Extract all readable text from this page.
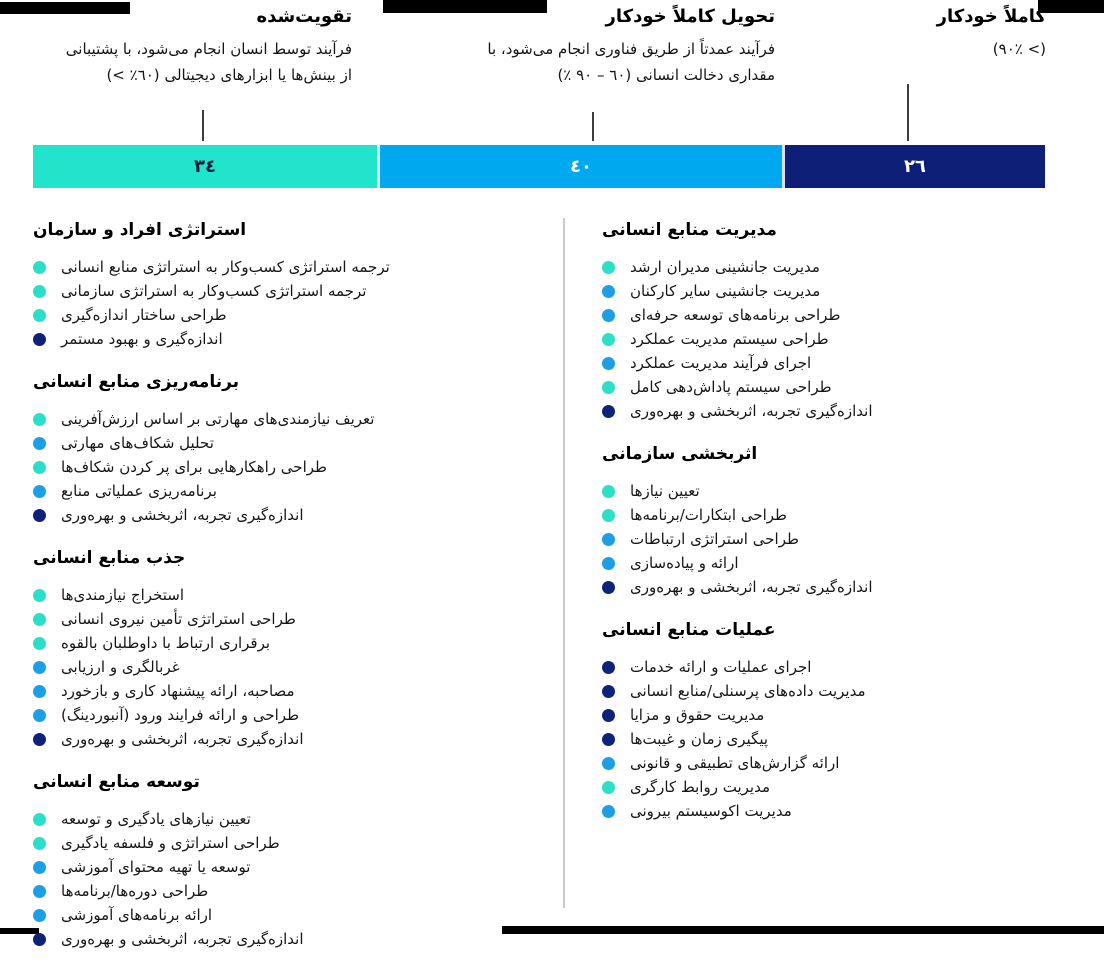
کاملاً خودکار
(٩٠٪ <)
تحویل کاملاً خودکار
فرآیند عمدتاً از طریق فناوری انجام می‌شود، با
مقداری دخالت انسانی (٪ ٩٠ – ٦٠)
تقویت‌شده
فرآیند توسط انسان انجام می‌شود، با پشتیبانی
از بینش‌ها یا ابزارهای دیجیتالی (< ٪٦٠)
٣٤	٤٠	٢٦
استراتژی افراد و سازمان
ترجمه استراتژی کسب‌وکار به استراتژی منابع انسانی
ترجمه استراتژی کسب‌وکار به استراتژی سازمانی
طراحی ساختار اندازه‌گیری
اندازه‌گیری و بهبود مستمر
برنامه‌ریزی منابع انسانی
تعریف نیازمندی‌های مهارتی بر اساس ارزش‌آفرینی
تحلیل شکاف‌های مهارتی
طراحی راهکارهایی برای پر کردن شکاف‌ها
برنامه‌ریزی عملیاتی منابع
اندازه‌گیری تجربه، اثربخشی و بهره‌وری
جذب منابع انسانی
استخراج نیازمندی‌ها
طراحی استراتژی تأمین نیروی انسانی
برقراری ارتباط با داوطلبان بالقوه
غربالگری و ارزیابی
مصاحبه، ارائه پیشنهاد کاری و بازخورد
طراحی و ارائه فرایند ورود (آنبوردینگ)
اندازه‌گیری تجربه، اثربخشی و بهره‌وری
توسعه منابع انسانی
تعیین نیازهای یادگیری و توسعه
طراحی استراتژی و فلسفه یادگیری
توسعه یا تهیه محتوای آموزشی
طراحی دوره‌ها/برنامه‌ها
ارائه برنامه‌های آموزشی
اندازه‌گیری تجربه، اثربخشی و بهره‌وری
مدیریت منابع انسانی
مدیریت جانشینی مدیران ارشد
مدیریت جانشینی سایر کارکنان
طراحی برنامه‌های توسعه حرفه‌ای
طراحی سیستم مدیریت عملکرد
اجرای فرآیند مدیریت عملکرد
طراحی سیستم پاداش‌دهی کامل
اندازه‌گیری تجربه، اثربخشی و بهره‌وری
اثربخشی سازمانی
تعیین نیازها
طراحی ابتکارات/برنامه‌ها
طراحی استراتژی ارتباطات
ارائه و پیاده‌سازی
اندازه‌گیری تجربه، اثربخشی و بهره‌وری
عملیات منابع انسانی
اجرای عملیات و ارائه خدمات
مدیریت داده‌های پرسنلی/منابع انسانی
مدیریت حقوق و مزایا
پیگیری زمان و غیبت‌ها
ارائه گزارش‌های تطبیقی و قانونی
مدیریت روابط کارگری
مدیریت اکوسیستم بیرونی
